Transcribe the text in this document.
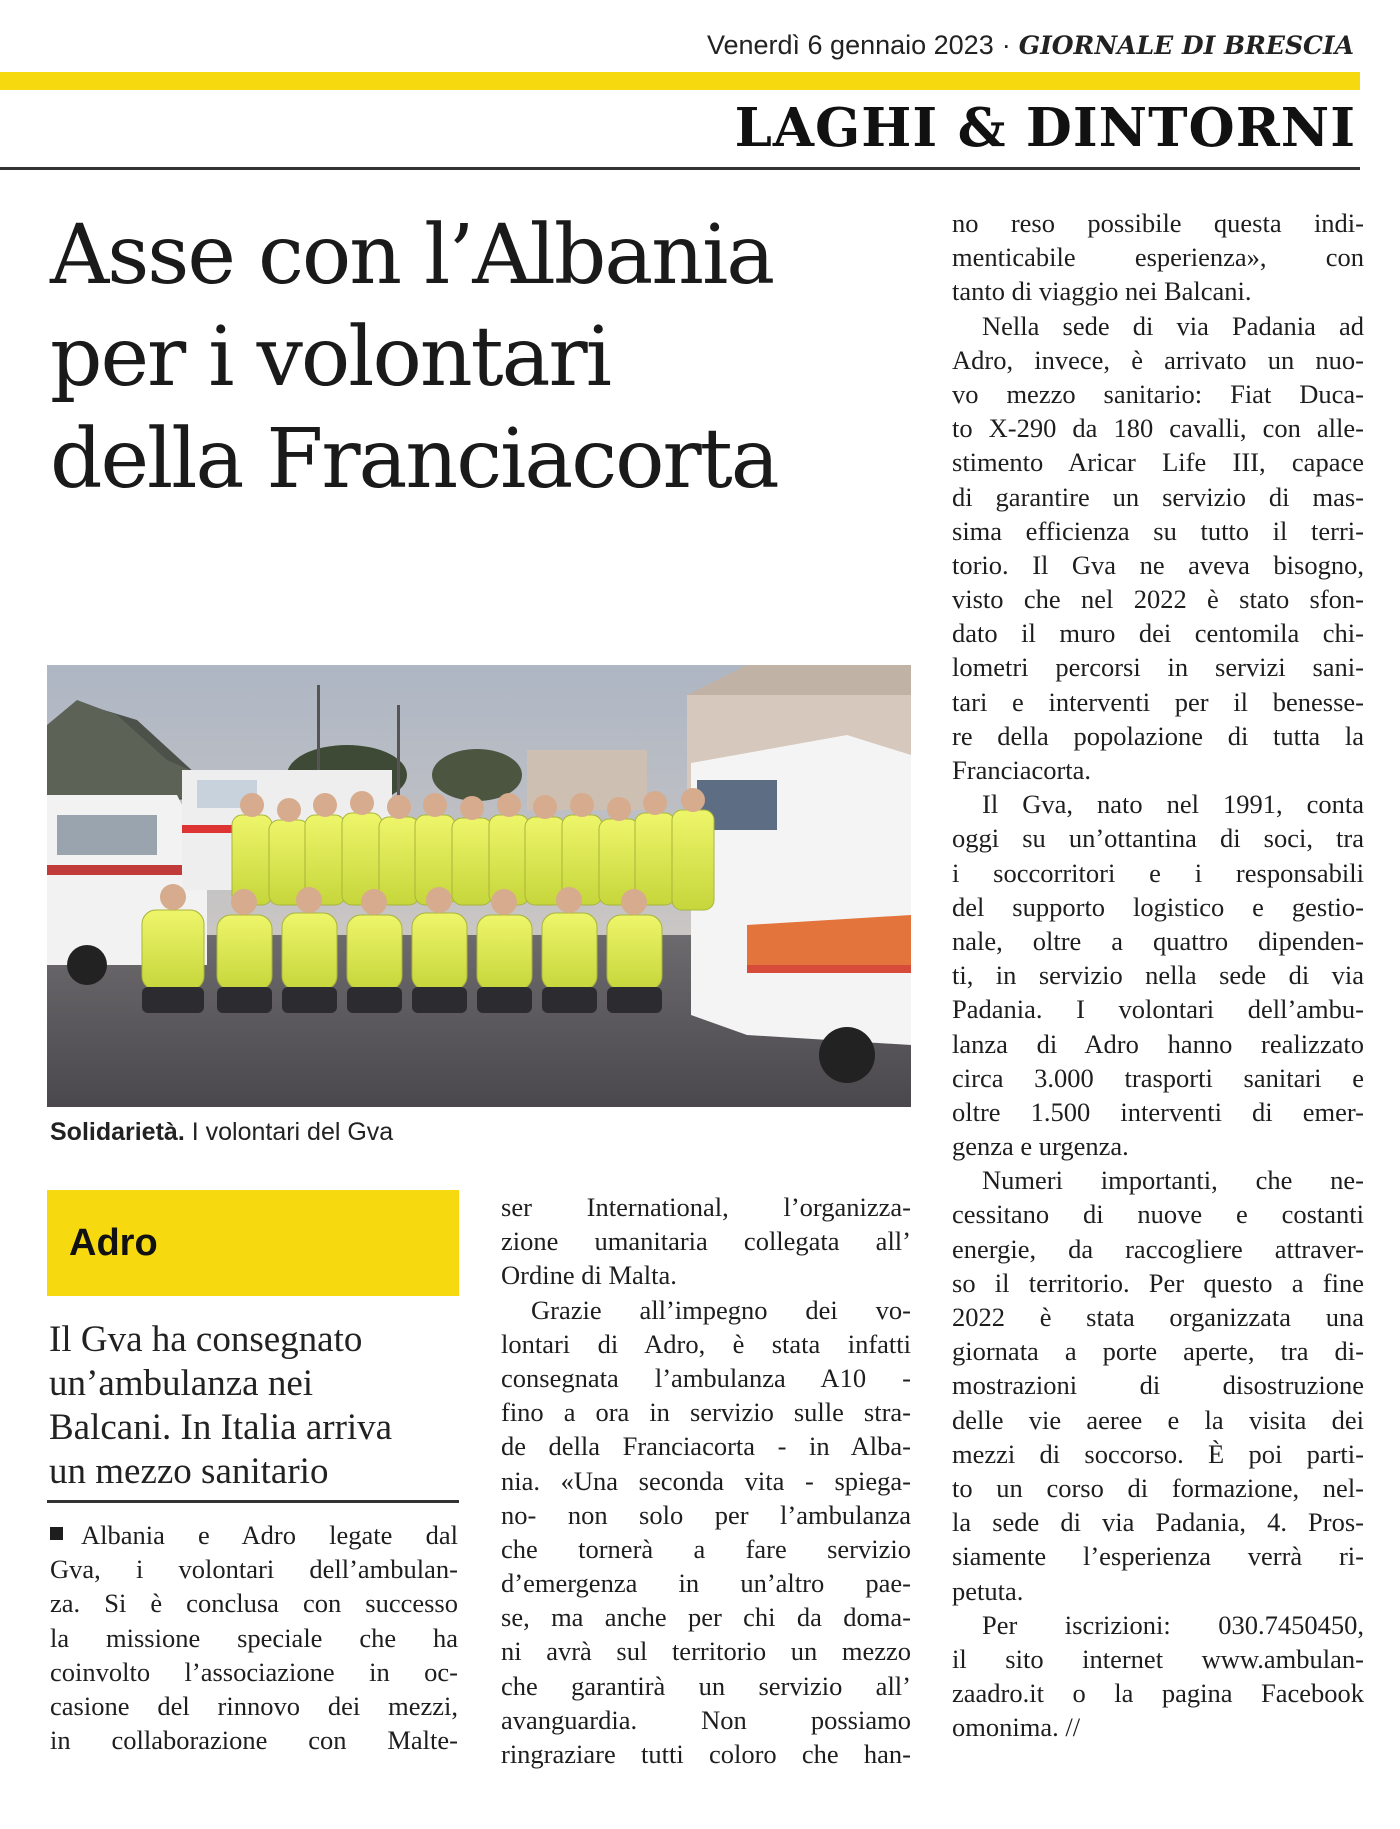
Venerdì 6 gennaio 2023 · GIORNALE DI BRESCIA
LAGHI & DINTORNI
Asse con l’Albania
per i volontari
della Franciacorta
Solidarietà. I volontari del Gva
Adro
Il Gva ha consegnato
un’ambulanza nei
Balcani. In Italia arriva
un mezzo sanitario
Albania e Adro legate dal
Gva, i volontari dell’ambulan-
za. Si è conclusa con successo
la missione speciale che ha
coinvolto l’associazione in oc-
casione del rinnovo dei mezzi,
in collaborazione con Malte-
ser International, l’organizza-
zione umanitaria collegata all’
Ordine di Malta.
Grazie all’impegno dei vo-
lontari di Adro, è stata infatti
consegnata l’ambulanza A10 -
fino a ora in servizio sulle stra-
de della Franciacorta - in Alba-
nia. «Una seconda vita - spiega-
no- non solo per l’ambulanza
che tornerà a fare servizio
d’emergenza in un’altro pae-
se, ma anche per chi da doma-
ni avrà sul territorio un mezzo
che garantirà un servizio all’
avanguardia. Non possiamo
ringraziare tutti coloro che han-
no reso possibile questa indi-
menticabile esperienza», con
tanto di viaggio nei Balcani.
Nella sede di via Padania ad
Adro, invece, è arrivato un nuo-
vo mezzo sanitario: Fiat Duca-
to X-290 da 180 cavalli, con alle-
stimento Aricar Life III, capace
di garantire un servizio di mas-
sima efficienza su tutto il terri-
torio. Il Gva ne aveva bisogno,
visto che nel 2022 è stato sfon-
dato il muro dei centomila chi-
lometri percorsi in servizi sani-
tari e interventi per il benesse-
re della popolazione di tutta la
Franciacorta.
Il Gva, nato nel 1991, conta
oggi su un’ottantina di soci, tra
i soccorritori e i responsabili
del supporto logistico e gestio-
nale, oltre a quattro dipenden-
ti, in servizio nella sede di via
Padania. I volontari dell’ambu-
lanza di Adro hanno realizzato
circa 3.000 trasporti sanitari e
oltre 1.500 interventi di emer-
genza e urgenza.
Numeri importanti, che ne-
cessitano di nuove e costanti
energie, da raccogliere attraver-
so il territorio. Per questo a fine
2022 è stata organizzata una
giornata a porte aperte, tra di-
mostrazioni di disostruzione
delle vie aeree e la visita dei
mezzi di soccorso. È poi parti-
to un corso di formazione, nel-
la sede di via Padania, 4. Pros-
siamente l’esperienza verrà ri-
petuta.
Per iscrizioni: 030.7450450,
il sito internet www.ambulan-
zaadro.it o la pagina Facebook
omonima. //
